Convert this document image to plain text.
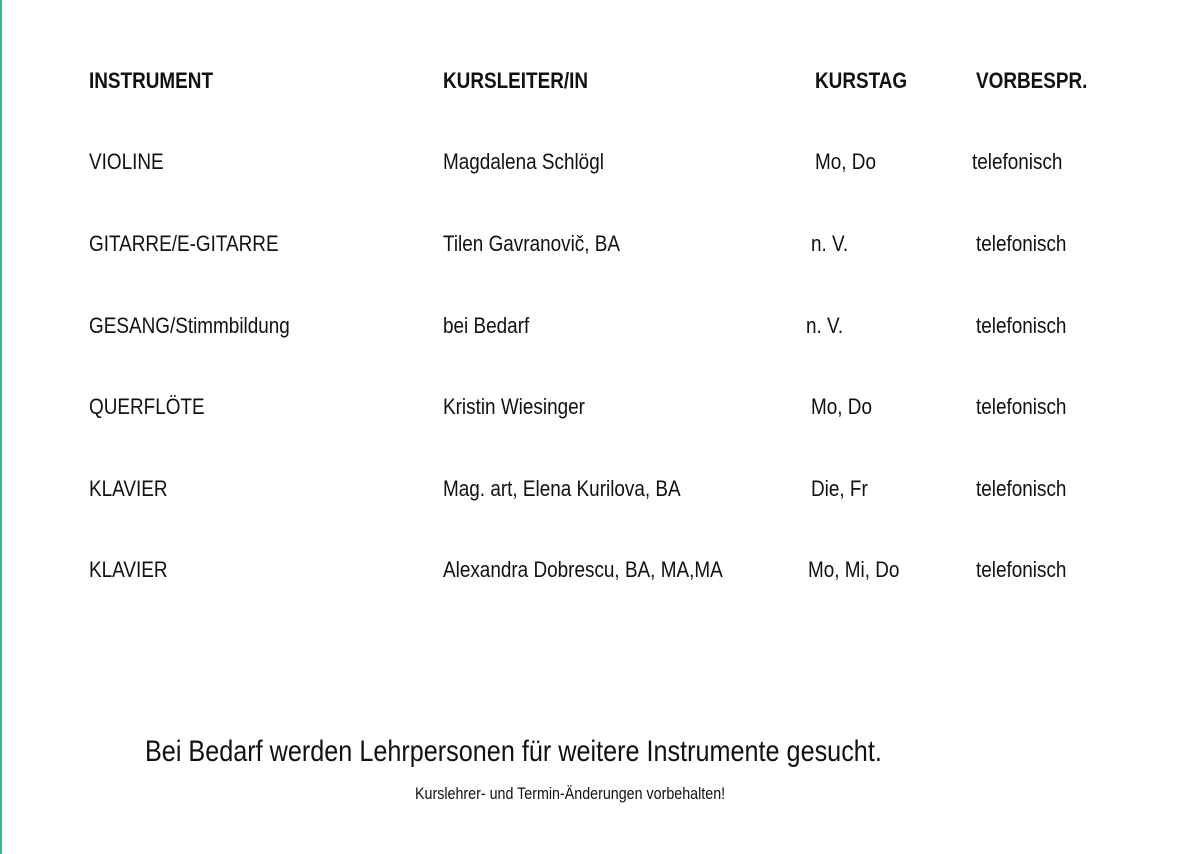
INSTRUMENT	KURSLEITER/IN	KURSTAG	VORBESPR.
VIOLINE	Magdalena Schlögl	Mo, Do	telefonisch
GITARRE/E-GITARRE	Tilen Gavranovič, BA	n. V.	telefonisch
GESANG/Stimmbildung	bei Bedarf	n. V.	telefonisch
QUERFLÖTE	Kristin Wiesinger	Mo, Do	telefonisch
KLAVIER	Mag. art, Elena Kurilova, BA	Die, Fr	telefonisch
KLAVIER	Alexandra Dobrescu, BA, MA,MA	Mo, Mi, Do	telefonisch
Bei Bedarf werden Lehrpersonen für weitere Instrumente gesucht.
Kurslehrer- und Termin-Änderungen vorbehalten!
